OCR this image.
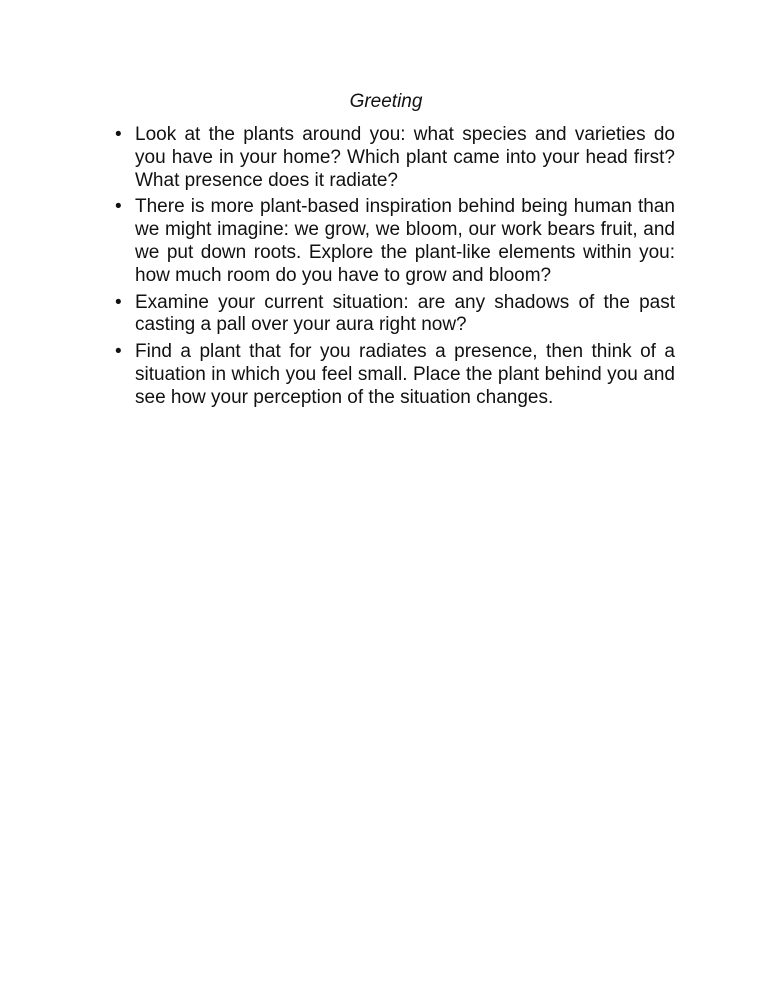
Greeting
• Look at the plants around you: what species and varieties do you have in your home? Which plant came into your head first? What presence does it radiate?
• There is more plant-based inspiration behind being human than we might imagine: we grow, we bloom, our work bears fruit, and we put down roots. Explore the plant-like elements within you: how much room do you have to grow and bloom?
• Examine your current situation: are any shadows of the past casting a pall over your aura right now?
• Find a plant that for you radiates a presence, then think of a situation in which you feel small. Place the plant behind you and see how your perception of the situation changes.
